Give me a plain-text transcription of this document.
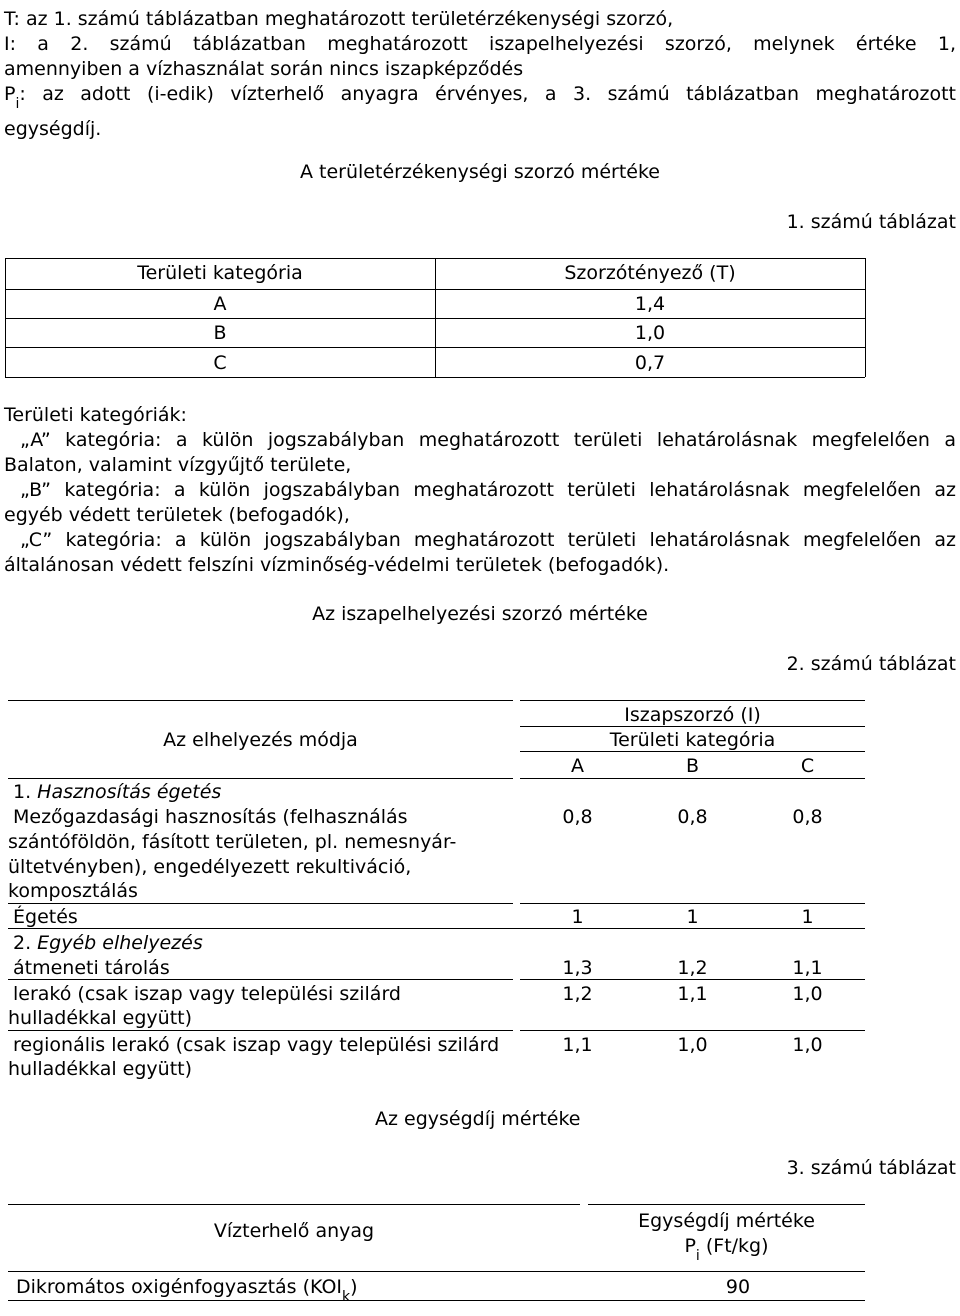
T: az 1. számú táblázatban meghatározott területérzékenységi szorzó,
I: a 2. számú táblázatban meghatározott iszapelhelyezési szorzó, melynek értéke 1,
amennyiben a vízhasználat során nincs iszapképződés
$P_i$: az adott (i-edik) vízterhelő anyagra érvényes, a 3. számú táblázatban meghatározott
egységdíj.
A területérzékenységi szorzó mértéke
1. számú táblázat
Területi kategória	Szorzótényező (T)
A	1,4
B	1,0
C	0,7
Területi kategóriák:
„A” kategória: a külön jogszabályban meghatározott területi lehatárolásnak megfelelően a
Balaton, valamint vízgyűjtő területe,
„B” kategória: a külön jogszabályban meghatározott területi lehatárolásnak megfelelően az
egyéb védett területek (befogadók),
„C” kategória: a külön jogszabályban meghatározott területi lehatárolásnak megfelelően az
általánosan védett felszíni vízminőség-védelmi területek (befogadók).
Az iszapelhelyezési szorzó mértéke
2. számú táblázat
Az elhelyezés módja
Iszapszorzó (I)
Területi kategória
A	B	C
1. Hasznosítás égetés
Mezőgazdasági hasznosítás (felhasználás
szántóföldön, fásított területen, pl. nemesnyár-
ültetvényben), engedélyezett rekultiváció,
komposztálás
0,8	0,8	0,8
Égetés	1	1	1
2. Egyéb elhelyezés
átmeneti tárolás	1,3	1,2	1,1
lerakó (csak iszap vagy települési szilárd
hulladékkal együtt)
1,2	1,1	1,0
regionális lerakó (csak iszap vagy települési szilárd
hulladékkal együtt)
1,1	1,0	1,0
Az egységdíj mértéke
3. számú táblázat
Vízterhelő anyag	Egységdíj mértéke
$P_i$ (Ft/kg)
Dikromátos oxigénfogyasztás $(KOI_k)$	90
